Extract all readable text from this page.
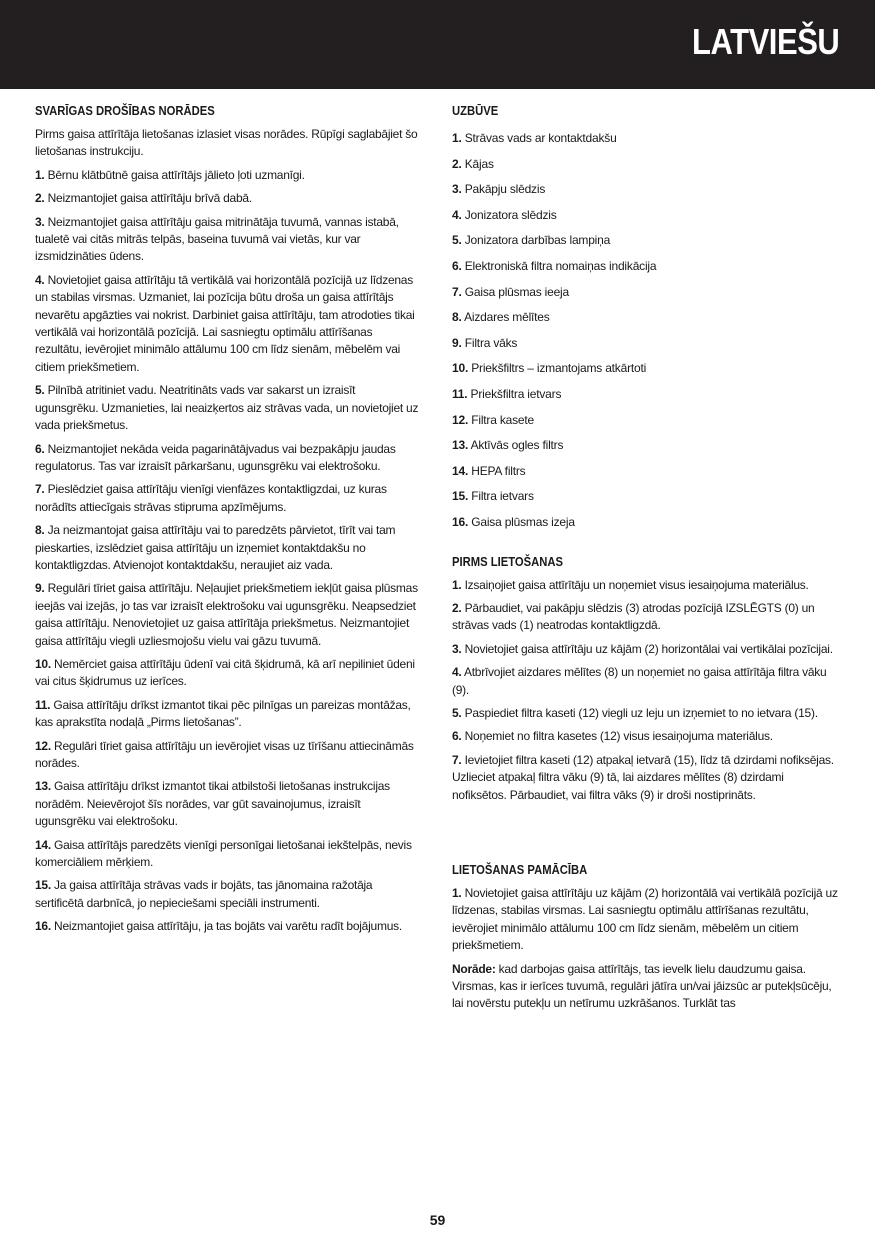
LATVIEŠU
SVARĪGAS DROŠĪBAS NORĀDES

Pirms gaisa attīrītāja lietošanas izlasiet visas norādes. Rūpīgi saglabājiet šo lietošanas instrukciju.

1. Bērnu klātbūtnē gaisa attīrītājs jālieto ļoti uzmanīgi.

2. Neizmantojiet gaisa attīrītāju brīvā dabā.

3. Neizmantojiet gaisa attīrītāju gaisa mitrinātāja tuvumā, vannas istabā, tualetē vai citās mitrās telpās, baseina tuvumā vai vietās, kur var izsmidzināties ūdens.

4. Novietojiet gaisa attīrītāju tā vertikālā vai horizontālā pozīcijā uz līdzenas un stabilas virsmas. Uzmaniet, lai pozīcija būtu droša un gaisa attīrītājs nevarētu apgāzties vai nokrist. Darbiniet gaisa attīrītāju, tam atrodoties tikai vertikālā vai horizontālā pozīcijā. Lai sasniegtu optimālu attīrīšanas rezultātu, ievērojiet minimālo attālumu 100 cm līdz sienām, mēbelēm vai citiem priekšmetiem.

5. Pilnībā atritiniet vadu. Neatritināts vads var sakarst un izraisīt ugunsgrēku. Uzmanieties, lai neaizķertos aiz strāvas vada, un novietojiet uz vada priekšmetus.

6. Neizmantojiet nekāda veida pagarinātājvadus vai bezpakāpju jaudas regulatorus. Tas var izraisīt pārkaršanu, ugunsgrēku vai elektrošoku.

7. Pieslēdziet gaisa attīrītāju vienīgi vienfāzes kontaktligzdai, uz kuras norādīts attiecīgais strāvas stipruma apzīmējums.

8. Ja neizmantojat gaisa attīrītāju vai to paredzēts pārvietot, tīrīt vai tam pieskarties, izslēdziet gaisa attīrītāju un izņemiet kontaktdakšu no kontaktligzdas. Atvienojot kontaktdakšu, neraujiet aiz vada.

9. Regulāri tīriet gaisa attīrītāju. Neļaujiet priekšmetiem iekļūt gaisa plūsmas ieejās vai izejās, jo tas var izraisīt elektrošoku vai ugunsgrēku. Neapsedziet gaisa attīrītāju. Nenovietojiet uz gaisa attīrītāja priekšmetus. Neizmantojiet gaisa attīrītāju viegli uzliesmojošu vielu vai gāzu tuvumā.

10. Nemērciet gaisa attīrītāju ūdenī vai citā šķidrumā, kā arī nepiliniet ūdeni vai citus šķidrumus uz ierīces.

11. Gaisa attīrītāju drīkst izmantot tikai pēc pilnīgas un pareizas montāžas, kas aprakstīta nodaļā „Pirms lietošanas”.

12. Regulāri tīriet gaisa attīrītāju un ievērojiet visas uz tīrīšanu attiecināmās norādes.

13. Gaisa attīrītāju drīkst izmantot tikai atbilstoši lietošanas instrukcijas norādēm. Neievērojot šīs norādes, var gūt savainojumus, izraisīt ugunsgrēku vai elektrošoku.

14. Gaisa attīrītājs paredzēts vienīgi personīgai lietošanai iekštelpās, nevis komerciāliem mērķiem.

15. Ja gaisa attīrītāja strāvas vads ir bojāts, tas jānomaina ražotāja sertificētā darbnīcā, jo nepieciešami speciāli instrumenti.

16. Neizmantojiet gaisa attīrītāju, ja tas bojāts vai varētu radīt bojājumus.

UZBŪVE
1. Strāvas vads ar kontaktdakšu
2. Kājas
3. Pakāpju slēdzis
4. Jonizatora slēdzis
5. Jonizatora darbības lampiņa
6. Elektroniskā filtra nomaiņas indikācija
7. Gaisa plūsmas ieeja
8. Aizdares mēlītes
9. Filtra vāks
10. Priekšfiltrs – izmantojams atkārtoti
11. Priekšfiltra ietvars
12. Filtra kasete
13. Aktīvās ogles filtrs
14. HEPA filtrs
15. Filtra ietvars
16. Gaisa plūsmas izeja
PIRMS LIETOŠANAS

1. Izsaiņojiet gaisa attīrītāju un noņemiet visus iesaiņojuma materiālus.

2. Pārbaudiet, vai pakāpju slēdzis (3) atrodas pozīcijā IZSLĒGTS (0) un strāvas vads (1) neatrodas kontaktligzdā.

3. Novietojiet gaisa attīrītāju uz kājām (2) horizontālai vai vertikālai pozīcijai.

4. Atbrīvojiet aizdares mēlītes (8) un noņemiet no gaisa attīrītāja filtra vāku (9).

5. Paspiediet filtra kaseti (12) viegli uz leju un izņemiet to no ietvara (15).

6. Noņemiet no filtra kasetes (12) visus iesaiņojuma materiālus.

7. Ievietojiet filtra kaseti (12) atpakaļ ietvarā (15), līdz tā dzirdami nofiksējas. Uzlieciet atpakaļ filtra vāku (9) tā, lai aizdares mēlītes (8) dzirdami nofiksētos. Pārbaudiet, vai filtra vāks (9) ir droši nostiprināts.

LIETOŠANAS PAMĀCĪBA

1. Novietojiet gaisa attīrītāju uz kājām (2) horizontālā vai vertikālā pozīcijā uz līdzenas, stabilas virsmas. Lai sasniegtu optimālu attīrīšanas rezultātu, ievērojiet minimālo attālumu 100 cm līdz sienām, mēbelēm un citiem priekšmetiem.

Norāde: kad darbojas gaisa attīrītājs, tas ievelk lielu daudzumu gaisa. Virsmas, kas ir ierīces tuvumā, regulāri jātīra un/vai jāizsūc ar putekļsūcēju, lai novērstu putekļu un netīrumu uzkrāšanos. Turklāt tas

59
